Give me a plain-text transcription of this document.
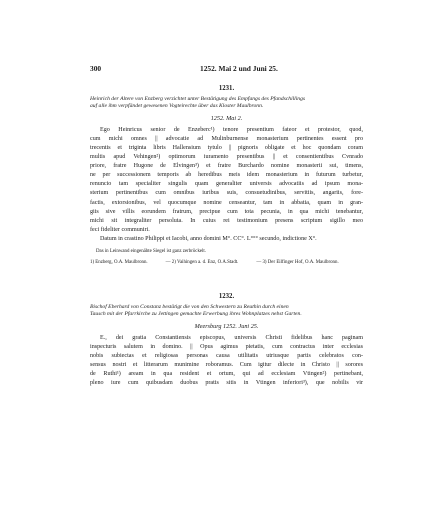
300	1252. Mai 2 und Juni 25.
1231.
Heinrich der Ältere von Enzberg verzichtet unter Bestätigung des Empfangs des Pfandschillings
auf alle ihm verpfändet gewesenen Vogteirechte über das Kloster Maulbronn.
1252. Mai 2.
Ego Heinricus senior de Enzeberc¹) tenore presentium fateor et protestor, quod,
cum michi omnes || advocatie ad Mulinburnense monasterium pertinentes essent pro
trecentis et triginta libris Hallensium tytulo || pignoris obligate et hoc quondam coram
multis apud Vehingen²) optimorum iuramento presentibus || et consentientibus Cvnrado
priore, fratre Hugone de Elvingen³) et fratre Burchardo nomine monasterii sui, timens,
ne per successionem temporis ab heredibus meis idem monasterium in futurum turbetur,
renuncio tam specialiter singulis quam generaliter universis advocatiis ad ipsum mona-
sterium pertinentibus cum omnibus iuribus suis, consuetudinibus, servitiis, angariis, fore-
factis, extorsionibus, vel quocumque nomine censeantur, tam in abbatia, quam in gran-
giis sive villis eorundem fratrum, precipue cum tota pecunia, in qua michi tenebantur,
michi sit integraliter persoluta. In cuius rei testimonium presens scriptum sigillo meo
feci fideliter communiri.
Datum in crastino Philippi et Iacobi, anno domini M°. CC°. L°°° secundo, indictione X°.
Das in Leinwand eingenähte Siegel ist ganz zerbröckelt.
1) Enzberg, O.A. Maulbronn.	— 2) Vaihingen a. d. Enz, O.A.Stadt.	— 3) Der Eilfinger Hof, O.A. Maulbronn.
1232.
Bischof Eberhard von Constanz bestätigt die von den Schwestern zu Reuthin durch einen
Tausch mit der Pfarrkirche zu Jettingen gemachte Erwerbung ihres Wohnplatzes nebst Garten.
Meersburg 1252. Juni 25.
E., dei gratia Constantiensis episcopus, universis Christi fidelibus hanc paginam
inspecturis salutem in domino. || Opus agimus pietatis, cum contractus inter ecclesias
nobis subiectas et religiosas personas causa utilitatis utriusque partis celebratos con-
sensus nostri et litterarum munimine roboramus. Cum igitur dilecte in Christo || sorores
de Ruthi¹) aream in qua resident et ortum, qui ad ecclesiam Vtingen²) pertinebant,
pleno iure cum quibusdam duobus pratis sitis in Vtingen inferiori³), que nobilis vir
